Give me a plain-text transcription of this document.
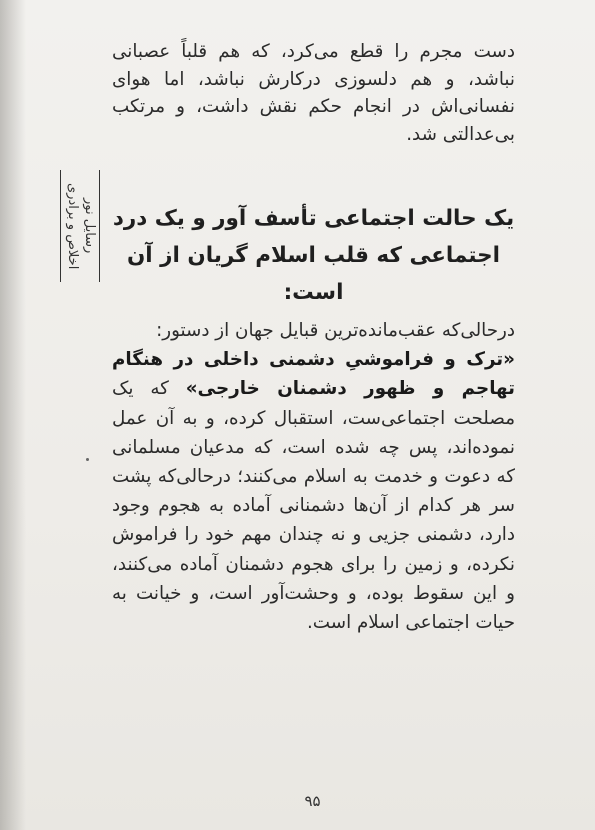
رسایل نور
اخلاص و برادری
دست مجرم را قطع می‌کرد، که هم قلباً عصبانی نباشد، و هم دلسوزی درکارش نباشد، اما هوای نفسانی‌اش در انجام حکم نقش داشت، و مرتکب بی‌عدالتی شد.
یک حالت اجتماعی تأسف آور و یک درد اجتماعی که قلب اسلام گریان از آن است:
درحالی‌که عقب‌مانده‌ترین قبایل جهان از دستور:
«ترک و فراموشیِ دشمنی داخلی در هنگام تهاجم و ظهور دشمنان خارجی» که یک مصلحت اجتماعی‌ست، استقبال کرده، و به آن عمل نموده‌اند، پس چه شده است، که مدعیان مسلمانی که دعوت و خدمت به اسلام می‌کنند؛ درحالی‌که پشت سر هر کدام از آن‌ها دشمنانی آماده به هجوم وجود دارد، دشمنی جزیی و نه چندان مهم خود را فراموش نکرده، و زمین را برای هجوم دشمنان آماده می‌کنند، و این سقوط بوده، و وحشت‌آور است، و خیانت به حیات اجتماعی اسلام است.
۹۵
